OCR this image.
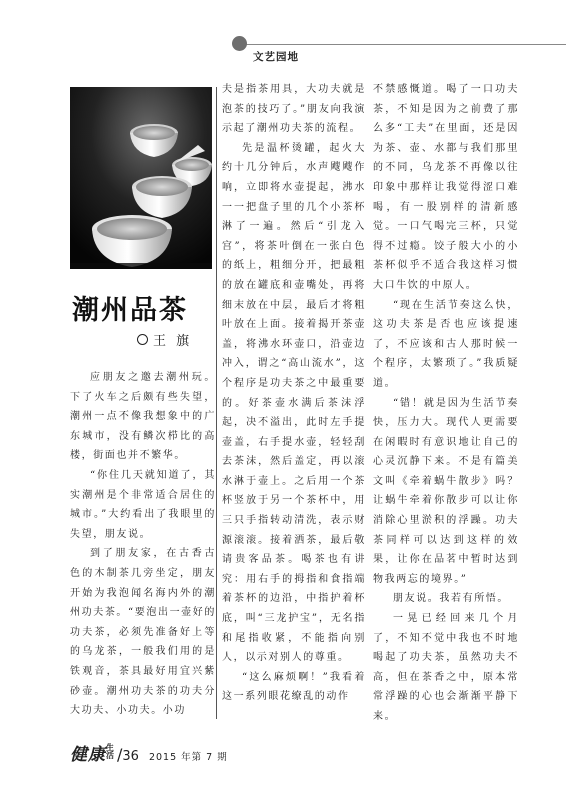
文艺园地
潮州品茶
王 旗

应朋友之邀去潮州玩。下了火车之后颇有些失望，潮州一点不像我想象中的广东城市，没有鳞次栉比的高楼，街面也并不繁华。

“你住几天就知道了，其实潮州是个非常适合居住的城市。”大约看出了我眼里的失望，朋友说。

到了朋友家，在古香古色的木制茶几旁坐定，朋友开始为我泡闻名海内外的潮州功夫茶。“要泡出一壶好的功夫茶，必须先准备好上等的乌龙茶，一般我们用的是铁观音，茶具最好用宜兴紫砂壶。潮州功夫茶的功夫分大功夫、小功夫。小功

夫是指茶用具，大功夫就是泡茶的技巧了。”朋友向我演示起了潮州功夫茶的流程。

先是温杯烫罐，起火大约十几分钟后，水声飕飕作响，立即将水壶提起，沸水一一把盘子里的几个小茶杯淋了一遍。然后“引龙入宫”，将茶叶倒在一张白色的纸上，粗细分开，把最粗的放在罐底和壶嘴处，再将细末放在中层，最后才将粗叶放在上面。接着揭开茶壶盖，将沸水环壶口，沿壶边冲入，谓之“高山流水”，这个程序是功夫茶之中最重要的。好茶壶水满后茶沫浮起，决不溢出，此时左手提壶盖，右手提水壶，轻轻刮去茶沫，然后盖定，再以滚水淋于壶上。之后用一个茶杯竖放于另一个茶杯中，用三只手指转动清洗，表示财源滚滚。接着洒茶，最后敬请贵客品茶。喝茶也有讲究：用右手的拇指和食指端着茶杯的边沿，中指护着杯底，叫“三龙护宝”，无名指和尾指收紧，不能指向别人，以示对别人的尊重。

“这么麻烦啊！”我看着这一系列眼花缭乱的动作

不禁感慨道。喝了一口功夫茶，不知是因为之前费了那么多“工夫”在里面，还是因为茶、壶、水都与我们那里的不同，乌龙茶不再像以往印象中那样让我觉得涩口难喝，有一股别样的清新感觉。一口气喝完三杯，只觉得不过瘾。饺子般大小的小茶杯似乎不适合我这样习惯大口牛饮的中原人。

“现在生活节奏这么快，这功夫茶是否也应该提速了，不应该和古人那时候一个程序，太繁琐了。”我质疑道。

“错！就是因为生活节奏快，压力大。现代人更需要在闲暇时有意识地让自己的心灵沉静下来。不是有篇美文叫《牵着蜗牛散步》吗？让蜗牛牵着你散步可以让你消除心里淤积的浮躁。功夫茶同样可以达到这样的效果，让你在品茗中暂时达到物我两忘的境界。”

朋友说。我若有所悟。

一晃已经回来几个月了，不知不觉中我也不时地喝起了功夫茶，虽然功夫不高，但在茶香之中，原本常常浮躁的心也会渐渐平静下来。

健康生活 /36 2015 年第 7 期
